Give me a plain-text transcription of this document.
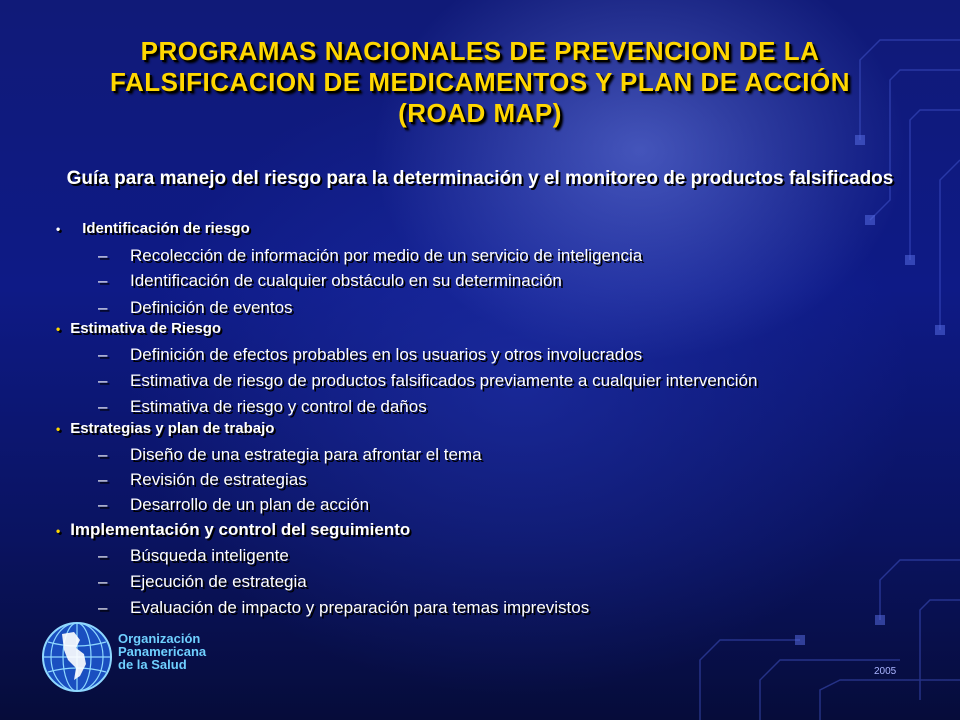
PROGRAMAS NACIONALES DE PREVENCION DE LA
FALSIFICACION DE MEDICAMENTOS Y PLAN DE ACCIÓN
(ROAD MAP)
Guía para manejo del riesgo para la determinación y el monitoreo de productos falsificados
• Identificación de riesgo
– Recolección de información por medio de un servicio de inteligencia
– Identificación de cualquier obstáculo en su determinación
– Definición de eventos
• Estimativa de Riesgo
– Definición de efectos probables en los usuarios y otros involucrados
– Estimativa de riesgo de productos falsificados previamente a cualquier intervención
– Estimativa de riesgo y control de daños
• Estrategias y plan de trabajo
– Diseño de una estrategia para afrontar el tema
– Revisión de estrategias
– Desarrollo de un plan de acción
• Implementación y control del seguimiento
– Búsqueda inteligente
– Ejecución de estrategia
– Evaluación de impacto y preparación para temas imprevistos
Organización
Panamericana
de la Salud	2005
